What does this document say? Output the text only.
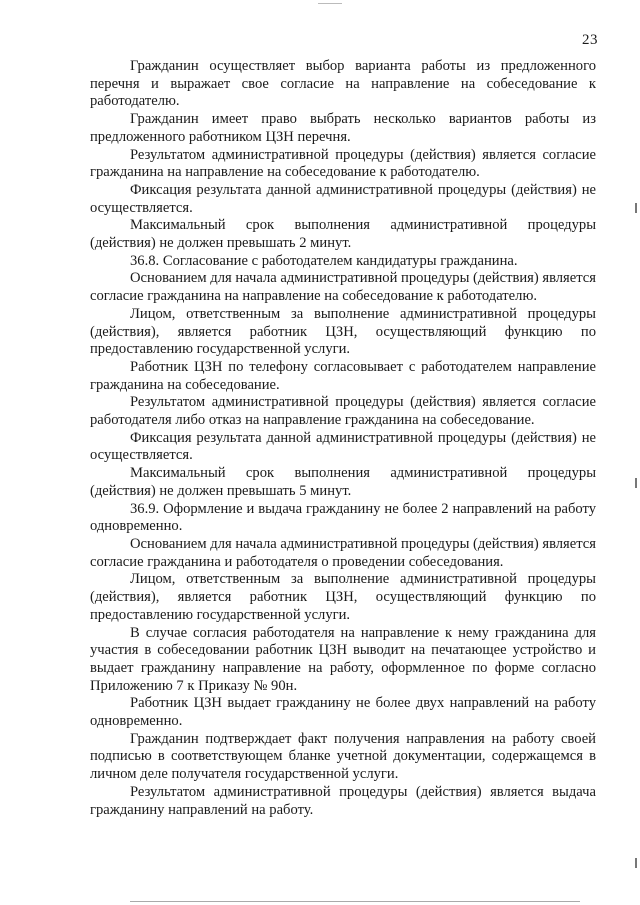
23

Гражданин осуществляет выбор варианта работы из предложенного перечня и выражает свое согласие на направление на собеседование к работодателю.

Гражданин имеет право выбрать несколько вариантов работы из предложенного работником ЦЗН перечня.

Результатом административной процедуры (действия) является согласие гражданина на направление на собеседование к работодателю.

Фиксация результата данной административной процедуры (действия) не осуществляется.

Максимальный срок выполнения административной процедуры (действия) не должен превышать 2 минут.

36.8. Согласование с работодателем кандидатуры гражданина.

Основанием для начала административной процедуры (действия) является согласие гражданина на направление на собеседование к работодателю.

Лицом, ответственным за выполнение административной процедуры (действия), является работник ЦЗН, осуществляющий функцию по предоставлению государственной услуги.

Работник ЦЗН по телефону согласовывает с работодателем направление гражданина на собеседование.

Результатом административной процедуры (действия) является согласие работодателя либо отказ на направление гражданина на собеседование.

Фиксация результата данной административной процедуры (действия) не осуществляется.

Максимальный срок выполнения административной процедуры (действия) не должен превышать 5 минут.

36.9. Оформление и выдача гражданину не более 2 направлений на работу одновременно.

Основанием для начала административной процедуры (действия) является согласие гражданина и работодателя о проведении собеседования.

Лицом, ответственным за выполнение административной процедуры (действия), является работник ЦЗН, осуществляющий функцию по предоставлению государственной услуги.

В случае согласия работодателя на направление к нему гражданина для участия в собеседовании работник ЦЗН выводит на печатающее устройство и выдает гражданину направление на работу, оформленное по форме согласно Приложению 7 к Приказу № 90н.

Работник ЦЗН выдает гражданину не более двух направлений на работу одновременно.

Гражданин подтверждает факт получения направления на работу своей подписью в соответствующем бланке учетной документации, содержащемся в личном деле получателя государственной услуги.

Результатом административной процедуры (действия) является выдача гражданину направлений на работу.
